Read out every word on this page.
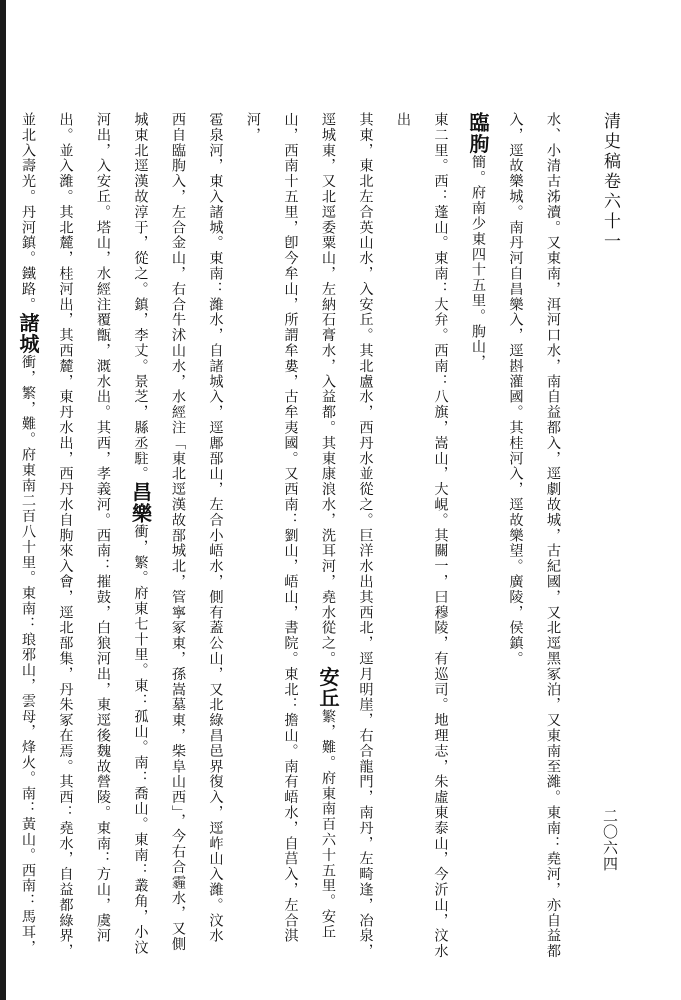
清史稿卷六十一
水、小清古泲瀆。又東南，洱河口水，南自益都入，逕劇故城，古紀國，又北逕黑冢泊，又東南至濰。東南：堯河，亦自益都
入，逕故樂城。南丹河自昌樂入，逕斟灌國。其桂河入，逕故樂望。廣陵，侯鎮。
臨朐簡。府南少東四十五里。朐山，
東二里。西：蓬山。東南：大弁。西南：八旗，嵩山，大峴。其關一，曰穆陵，有巡司。地理志，朱虛東泰山，今沂山，汶水出
其東，東北左合英山水，入安丘。其北盧水，西丹水並從之。巨洋水出其西北，逕月明崖，右合龍門，南丹，左畸逢，冶泉，
逕城東，又北逕委粟山，左納石膏水，入益都。其東康浪水，洗耳河，堯水從之。安丘繁，難。府東南百六十五里。安丘
山，西南十五里，卽今牟山，所謂牟婁，古牟夷國。又西南：劉山，峿山，書院。東北：擔山。南有峿水，自莒入，左合淇河，
雹泉河，東入諸城。東南：濰水，自諸城入，逕鄌郚山，左合小峿水，側有蓋公山，又北綠昌邑界復入，逕岞山入濰。汶水
西自臨朐入，左合金山，右合牛沭山水，水經注「東北逕漢故郚城北，管寧冢東，孫嵩墓東，柴阜山西」，今右合霾水，又側
城東北逕漢故淳于，從之。鎮，李丈。景芝，縣丞駐。昌樂衝，繁。府東七十里。東：孤山。南：喬山。東南：叢角，小汶
河出，入安丘。塔山，水經注覆甑，溉水出。其西，孝義河。西南：摧鼓，白狼河出，東逕後魏故營陵。東南：方山，虞河
出。並入濰。其北麓，桂河出，其西麓，東丹水出，西丹水自朐來入會，逕北郚集，丹朱冢在焉。其西：堯水，自益都綠界，
並北入壽光。丹河鎮。鐵路。諸城衝，繁，難。府東南二百八十里。東南：琅邪山，雲母，烽火。南：黃山。西南：馬耳，	二〇六四
